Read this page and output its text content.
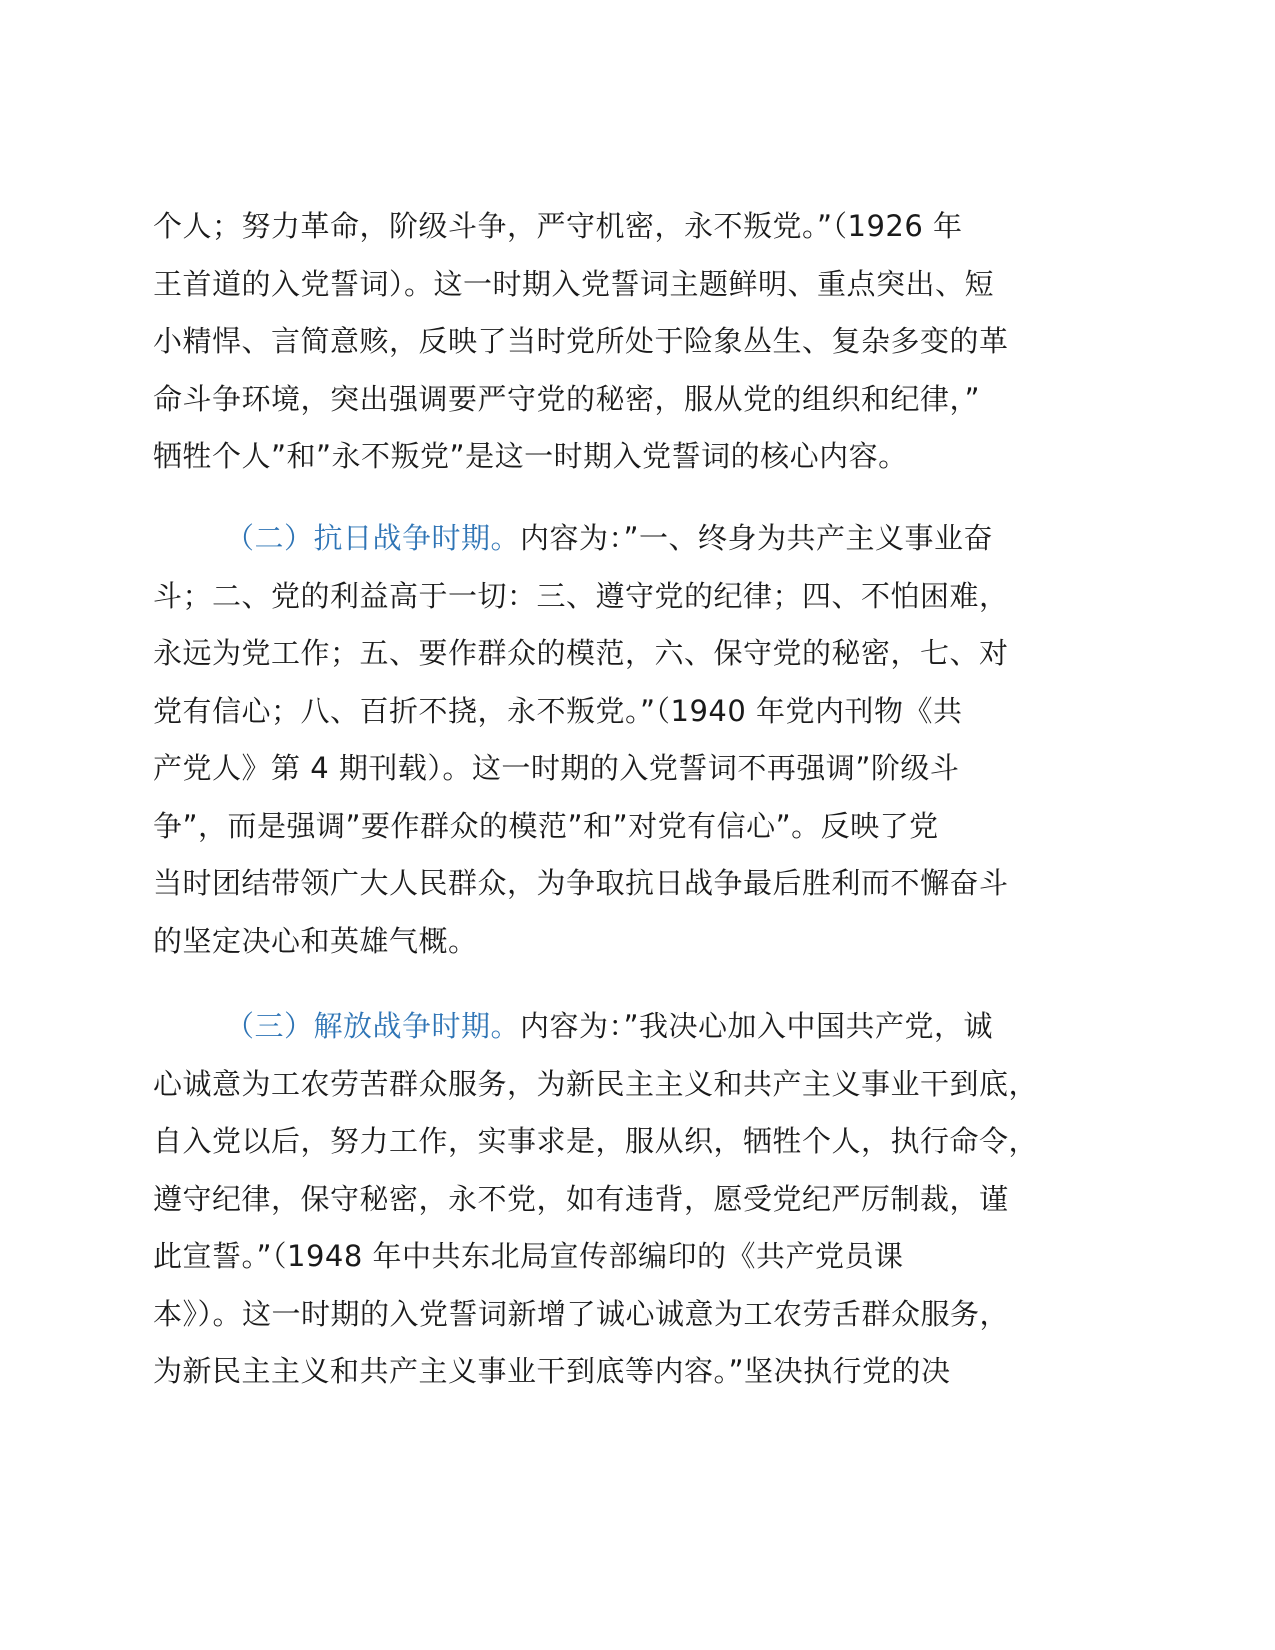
个人；努力革命，阶级斗争，严守机密，永不叛党。”（1926 年
王首道的入党誓词）。这一时期入党誓词主题鲜明、重点突出、短
小精悍、言简意赅，反映了当时党所处于险象丛生、复杂多变的革
命斗争环境，突出强调要严守党的秘密，服从党的组织和纪律，”
牺牲个人”和”永不叛党”是这一时期入党誓词的核心内容。
（二）抗日战争时期。内容为：”一、终身为共产主义事业奋
斗；二、党的利益高于一切：三、遵守党的纪律；四、不怕困难，
永远为党工作；五、要作群众的模范，六、保守党的秘密，七、对
党有信心；八、百折不挠，永不叛党。”（1940 年党内刊物《共
产党人》第 4 期刊载）。这一时期的入党誓词不再强调”阶级斗
争”，而是强调”要作群众的模范”和”对党有信心”。反映了党
当时团结带领广大人民群众，为争取抗日战争最后胜利而不懈奋斗
的坚定决心和英雄气概。
（三）解放战争时期。内容为：”我决心加入中国共产党，诚
心诚意为工农劳苦群众服务，为新民主主义和共产主义事业干到底，
自入党以后，努力工作，实事求是，服从织，牺牲个人，执行命令，
遵守纪律，保守秘密，永不党，如有违背，愿受党纪严厉制裁，谨
此宣誓。”（1948 年中共东北局宣传部编印的《共产党员课
本》）。这一时期的入党誓词新增了诚心诚意为工农劳舌群众服务，
为新民主主义和共产主义事业干到底等内容。”坚决执行党的决
